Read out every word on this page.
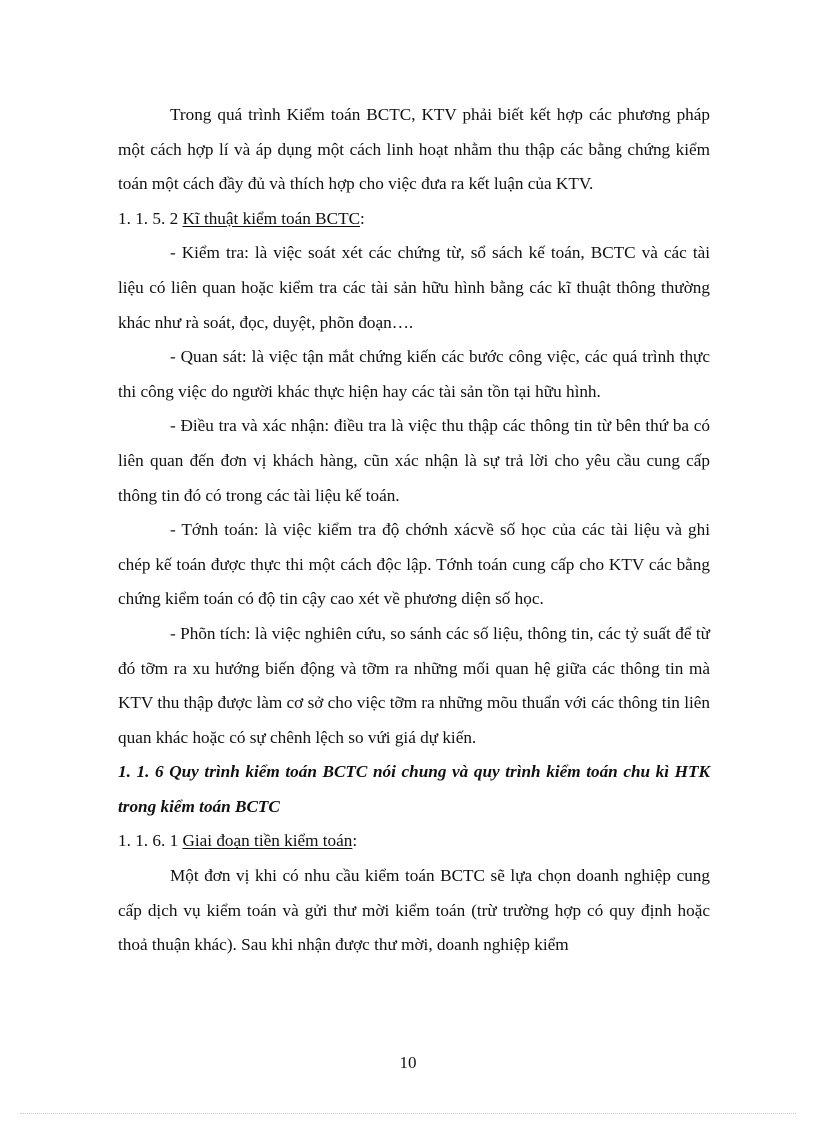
Trong quá trình Kiểm toán BCTC, KTV phải biết kết hợp các phương pháp một cách hợp lí và áp dụng một cách linh hoạt nhằm thu thập các bằng chứng kiểm toán một cách đầy đủ và thích hợp cho việc đưa ra kết luận của KTV.

1. 1. 5. 2 Kĩ thuật kiểm toán BCTC:

- Kiểm tra: là việc soát xét các chứng từ, sổ sách kế toán, BCTC và các tài liệu có liên quan hoặc kiểm tra các tài sản hữu hình bằng các kĩ thuật thông thường khác như rà soát, đọc, duyệt, phõn đoạn….

- Quan sát: là việc tận mắt chứng kiến các bước công việc, các quá trình thực thi công việc do người khác thực hiện hay các tài sản tồn tại hữu hình.

- Điều tra và xác nhận: điều tra là việc thu thập các thông tin từ bên thứ ba có liên quan đến đơn vị khách hàng, cũn xác nhận là sự trả lời cho yêu cầu cung cấp thông tin đó có trong các tài liệu kế toán.

- Tớnh toán: là việc kiểm tra độ chớnh xácvề số học của các tài liệu và ghi chép kế toán được thực thi một cách độc lập. Tớnh toán cung cấp cho KTV các bằng chứng kiểm toán có độ tin cậy cao xét về phương diện số học.

- Phõn tích: là việc nghiên cứu, so sánh các số liệu, thông tin, các tỷ suất để từ đó tỡm ra xu hướng biến động và tỡm ra những mối quan hệ giữa các thông tin mà KTV thu thập được làm cơ sở cho việc tỡm ra những mõu thuẩn với các thông tin liên quan khác hoặc có sự chênh lệch so vứi giá dự kiến.

1. 1. 6 Quy trình kiểm toán BCTC nói chung và quy trình kiểm toán chu kì HTK trong kiểm toán BCTC

1. 1. 6. 1 Giai đoạn tiền kiểm toán:

Một đơn vị khi có nhu cầu kiểm toán BCTC sẽ lựa chọn doanh nghiệp cung cấp dịch vụ kiểm toán và gửi thư mời kiểm toán (trừ trường hợp có quy định hoặc thoả thuận khác). Sau khi nhận được thư mời, doanh nghiệp kiểm

10
